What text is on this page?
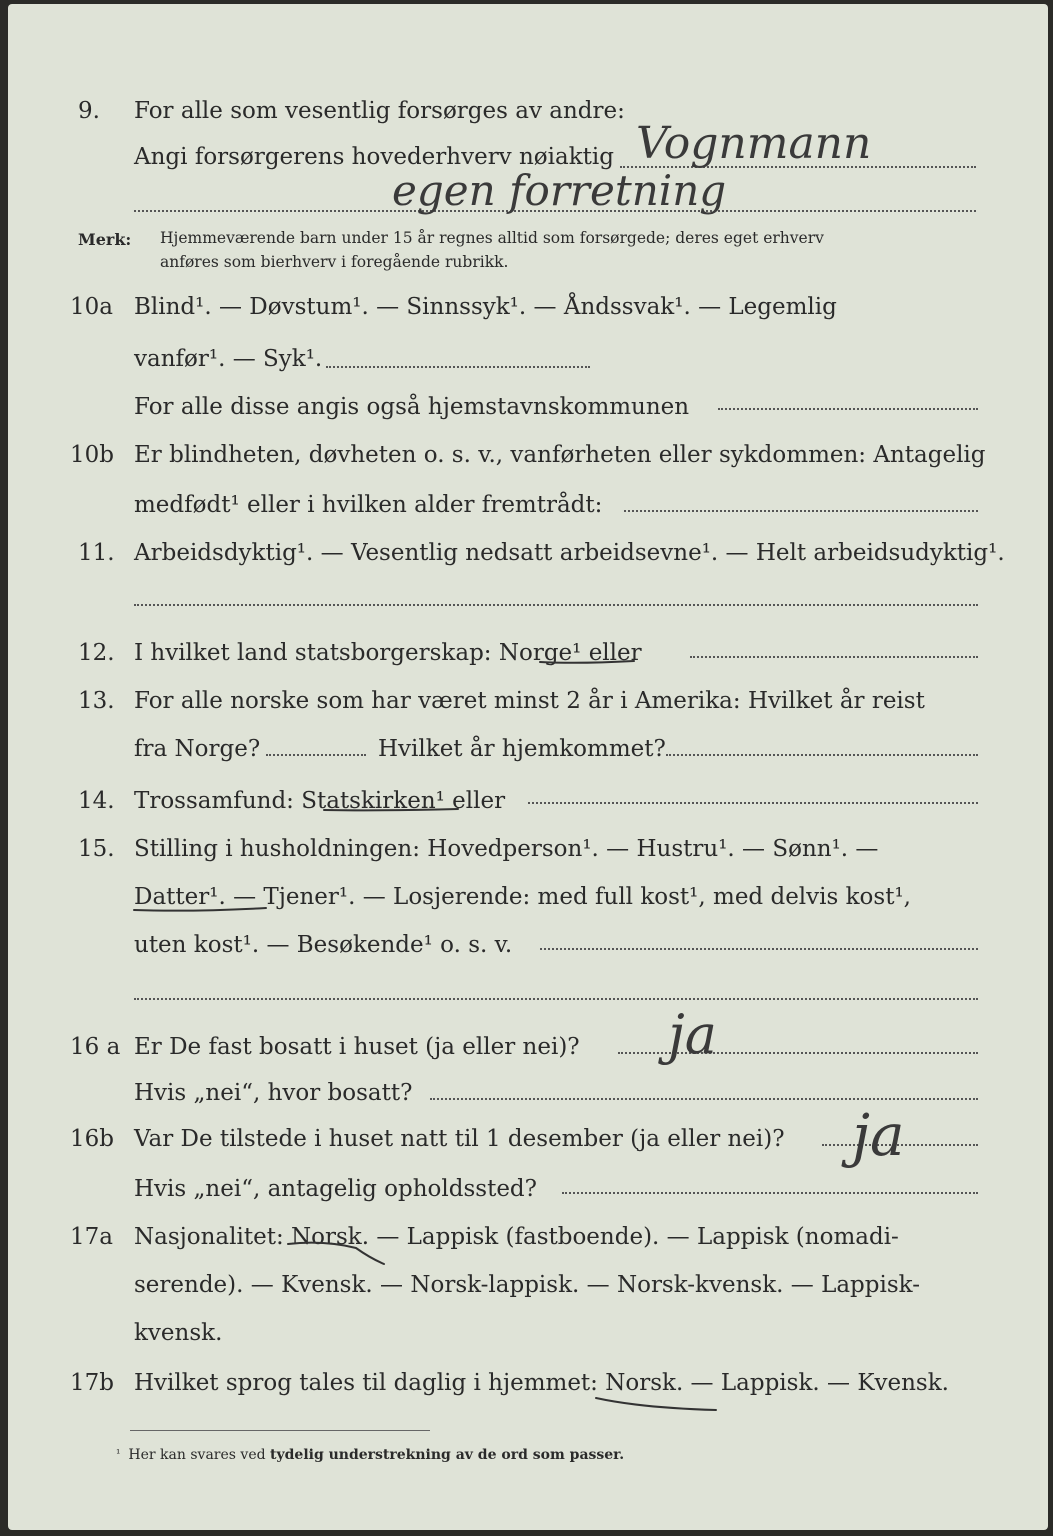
9. For alle som vesentlig forsørges av andre:

Angi forsørgerens hovederhverv nøiaktig Vognmann

egen forretning

Merk: Hjemmeværende barn under 15 år regnes alltid som forsørgede; deres eget erhverv

anføres som bierhverv i foregående rubrikk.

10a Blind¹. — Døvstum¹. — Sinnssyk¹. — Åndssvak¹. — Legemlig

vanfør¹. — Syk¹.

For alle disse angis også hjemstavnskommunen

10b Er blindheten, døvheten o. s. v., vanførheten eller sykdommen: Antagelig

medfødt¹ eller i hvilken alder fremtrådt:

11. Arbeidsdyktig¹. — Vesentlig nedsatt arbeidsevne¹. — Helt arbeidsudyktig¹.

12. I hvilket land statsborgerskap: Norge¹ eller

13. For alle norske som har været minst 2 år i Amerika: Hvilket år reist

fra Norge?	Hvilket år hjemkommet?

14. Trossamfund: Statskirken¹ eller

15. Stilling i husholdningen: Hovedperson¹. — Hustru¹. — Sønn¹. —

Datter¹. — Tjener¹. — Losjerende: med full kost¹, med delvis kost¹,

uten kost¹. — Besøkende¹ o. s. v.

16 a Er De fast bosatt i huset (ja eller nei)? ja

Hvis „nei“, hvor bosatt?

16b Var De tilstede i huset natt til 1 desember (ja eller nei)? ja

Hvis „nei“, antagelig opholdssted?

17a Nasjonalitet: Norsk. — Lappisk (fastboende). — Lappisk (nomadi-

serende). — Kvensk. — Norsk-lappisk. — Norsk-kvensk. — Lappisk-

kvensk.

17b Hvilket sprog tales til daglig i hjemmet: Norsk. — Lappisk. — Kvensk.

$^{^1}$ Her kan svares ved tydelig understrekning av de ord som passer.
